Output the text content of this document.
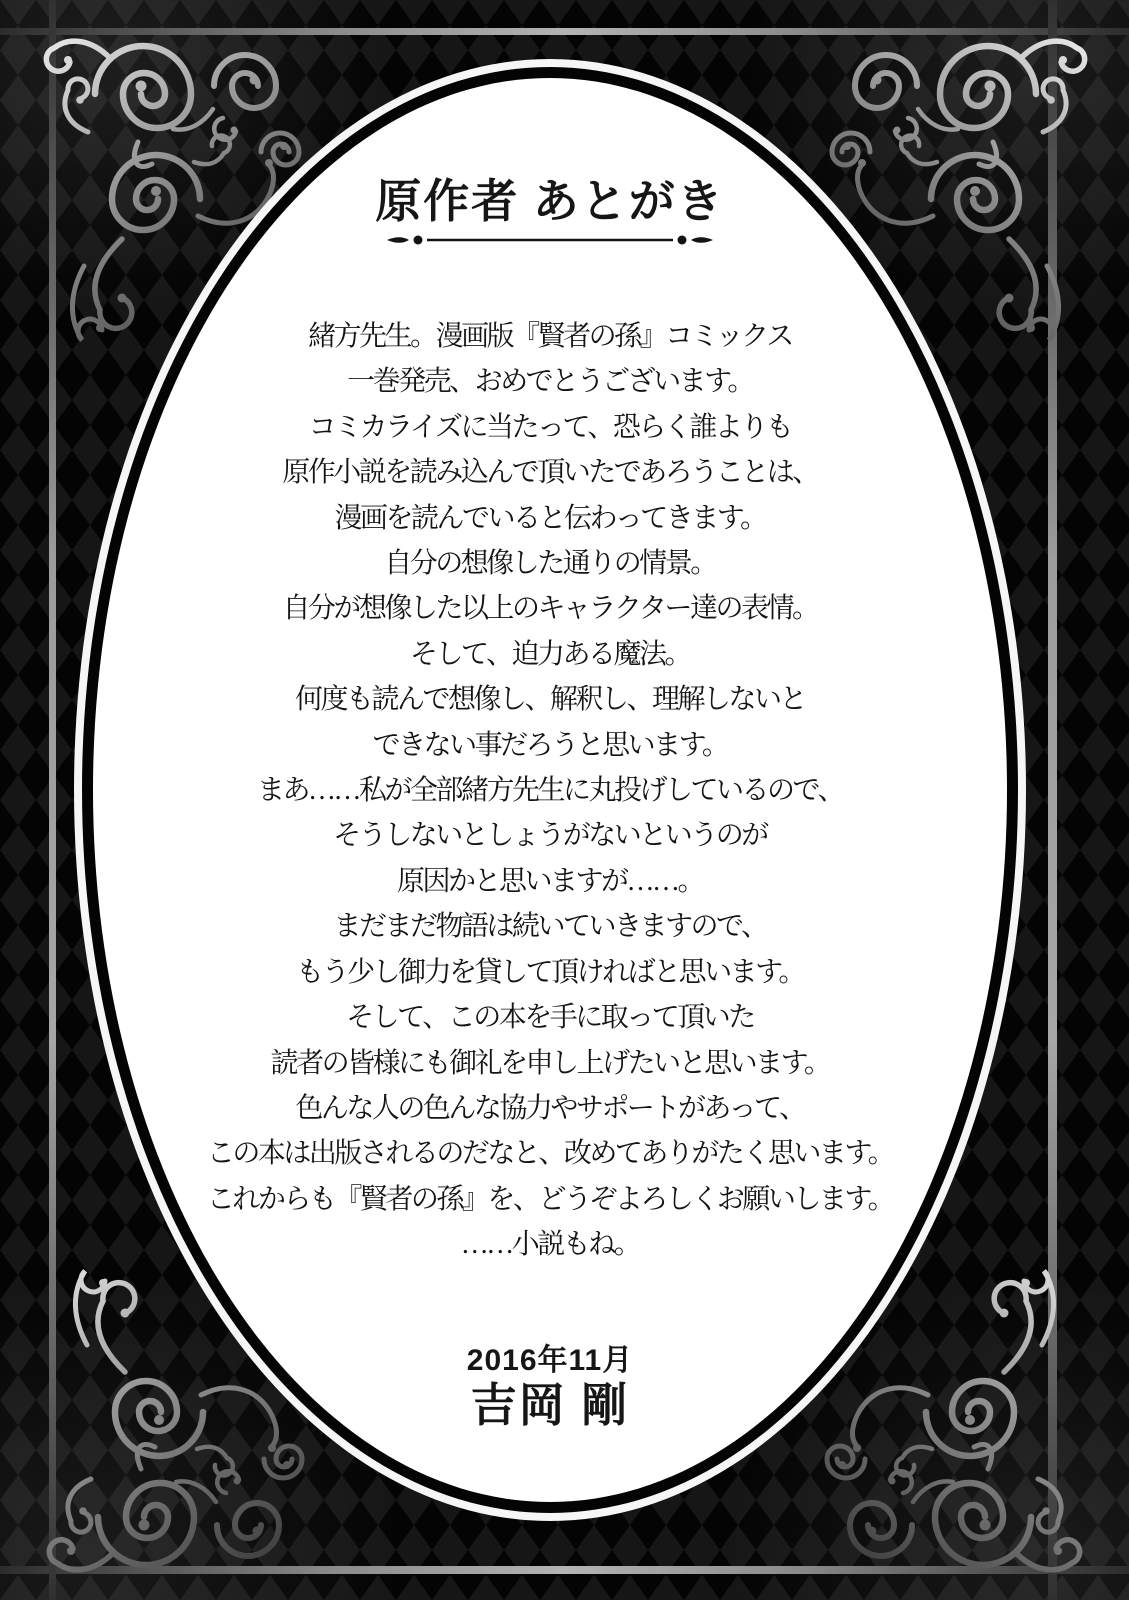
原作者 あとがき
緒方先生。漫画版『賢者の孫』コミックス
一巻発売、おめでとうございます。
コミカライズに当たって、恐らく誰よりも
原作小説を読み込んで頂いたであろうことは、
漫画を読んでいると伝わってきます。
自分の想像した通りの情景。
自分が想像した以上のキャラクター達の表情。
そして、迫力ある魔法。
何度も読んで想像し、解釈し、理解しないと
できない事だろうと思います。
まあ……私が全部緒方先生に丸投げしているので、
そうしないとしょうがないというのが
原因かと思いますが……。
まだまだ物語は続いていきますので、
もう少し御力を貸して頂ければと思います。
そして、この本を手に取って頂いた
読者の皆様にも御礼を申し上げたいと思います。
色んな人の色んな協力やサポートがあって、
この本は出版されるのだなと、改めてありがたく思います。
これからも『賢者の孫』を、どうぞよろしくお願いします。
……小説もね。
2016年11月
吉岡 剛
